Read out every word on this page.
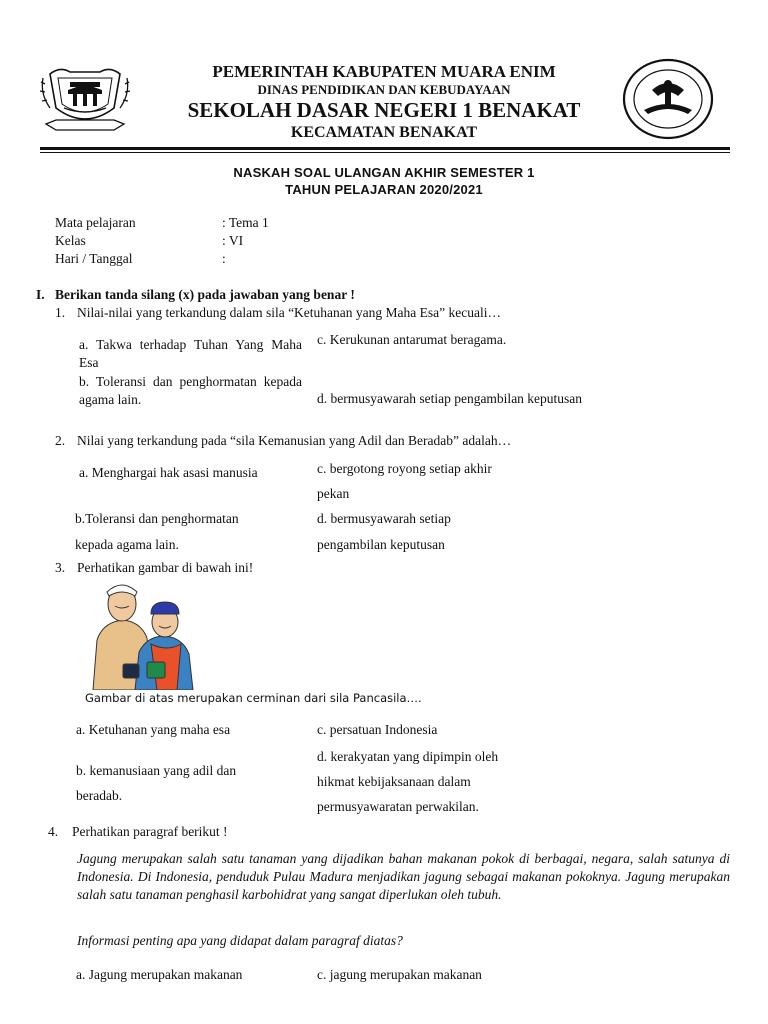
PEMERINTAH KABUPATEN MUARA ENIM
DINAS PENDIDIKAN DAN KEBUDAYAAN
SEKOLAH DASAR NEGERI 1 BENAKAT
KECAMATAN BENAKAT
NASKAH SOAL ULANGAN AKHIR SEMESTER 1
TAHUN PELAJARAN 2020/2021
Mata pelajaran	: Tema 1
Kelas	: VI
Hari / Tanggal	:
I. Berikan tanda silang (x) pada jawaban yang benar !
1. Nilai-nilai yang terkandung dalam sila “Ketuhanan yang Maha Esa” kecuali…
a. Takwa terhadap Tuhan Yang Maha Esa
b. Toleransi dan penghormatan kepada agama lain.
c. Kerukunan antarumat beragama.
d. bermusyawarah setiap pengambilan keputusan
2. Nilai yang terkandung pada “sila Kemanusian yang Adil dan Beradab” adalah…
a. Menghargai hak asasi manusia
b.Toleransi dan penghormatan
kepada agama lain.
c. bergotong royong setiap akhir
pekan
d. bermusyawarah setiap
pengambilan keputusan
3. Perhatikan gambar di bawah ini!
Gambar di atas merupakan cerminan dari sila Pancasila….
a. Ketuhanan yang maha esa
b. kemanusiaan yang adil dan
beradab.
c. persatuan Indonesia
d. kerakyatan yang dipimpin oleh
hikmat kebijaksanaan dalam
permusyawaratan perwakilan.
4. Perhatikan paragraf berikut !
Jagung merupakan salah satu tanaman yang dijadikan bahan makanan pokok di berbagai, negara, salah satunya di Indonesia. Di Indonesia, penduduk Pulau Madura menjadikan jagung sebagai makanan pokoknya. Jagung merupakan salah satu tanaman penghasil karbohidrat yang sangat diperlukan oleh tubuh.
Informasi penting apa yang didapat dalam paragraf diatas?
a. Jagung merupakan makanan	c. jagung merupakan makanan
